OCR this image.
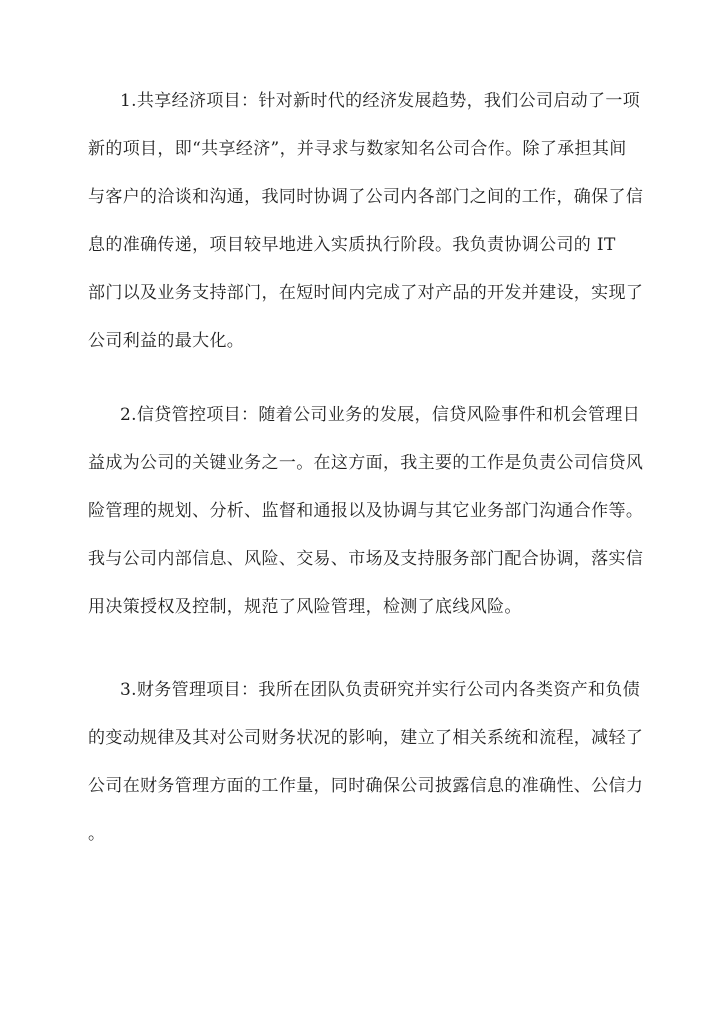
1.共享经济项目：针对新时代的经济发展趋势，我们公司启动了一项
新的项目，即“共享经济”，并寻求与数家知名公司合作。除了承担其间
与客户的洽谈和沟通，我同时协调了公司内各部门之间的工作，确保了信
息的准确传递，项目较早地进入实质执行阶段。我负责协调公司的 IT
部门以及业务支持部门，在短时间内完成了对产品的开发并建设，实现了
公司利益的最大化。
2.信贷管控项目：随着公司业务的发展，信贷风险事件和机会管理日
益成为公司的关键业务之一。在这方面，我主要的工作是负责公司信贷风
险管理的规划、分析、监督和通报以及协调与其它业务部门沟通合作等。
我与公司内部信息、风险、交易、市场及支持服务部门配合协调，落实信
用决策授权及控制，规范了风险管理，检测了底线风险。
3.财务管理项目：我所在团队负责研究并实行公司内各类资产和负债
的变动规律及其对公司财务状况的影响，建立了相关系统和流程，减轻了
公司在财务管理方面的工作量，同时确保公司披露信息的准确性、公信力
。
